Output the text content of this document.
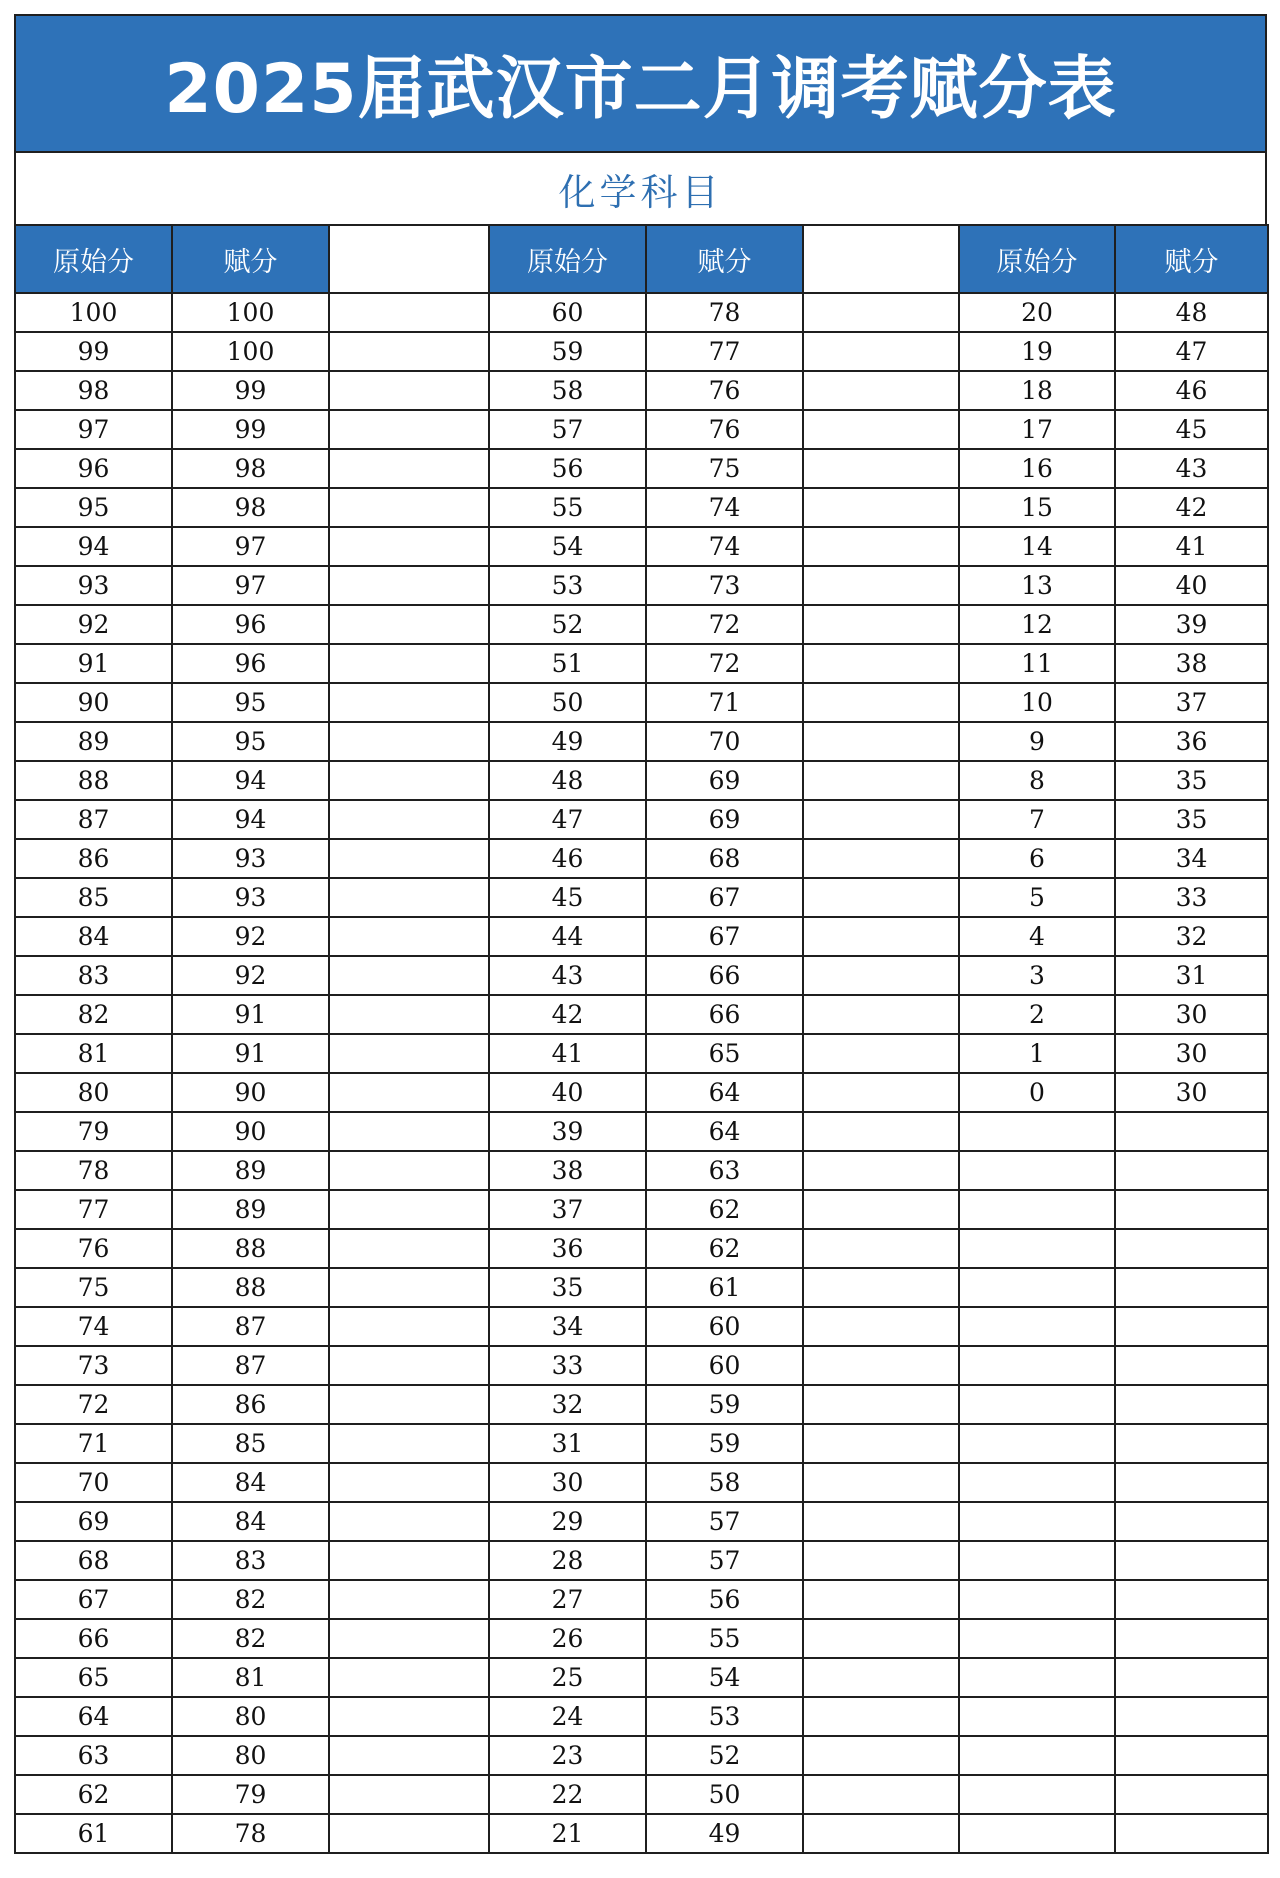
2025届武汉市二月调考赋分表
化学科目
原始分	赋分		原始分	赋分		原始分	赋分
100	100		60	78		20	48
99	100		59	77		19	47
98	99		58	76		18	46
97	99		57	76		17	45
96	98		56	75		16	43
95	98		55	74		15	42
94	97		54	74		14	41
93	97		53	73		13	40
92	96		52	72		12	39
91	96		51	72		11	38
90	95		50	71		10	37
89	95		49	70		9	36
88	94		48	69		8	35
87	94		47	69		7	35
86	93		46	68		6	34
85	93		45	67		5	33
84	92		44	67		4	32
83	92		43	66		3	31
82	91		42	66		2	30
81	91		41	65		1	30
80	90		40	64		0	30
79	90		39	64			
78	89		38	63			
77	89		37	62			
76	88		36	62			
75	88		35	61			
74	87		34	60			
73	87		33	60			
72	86		32	59			
71	85		31	59			
70	84		30	58			
69	84		29	57			
68	83		28	57			
67	82		27	56			
66	82		26	55			
65	81		25	54			
64	80		24	53			
63	80		23	52			
62	79		22	50			
61	78		21	49			
